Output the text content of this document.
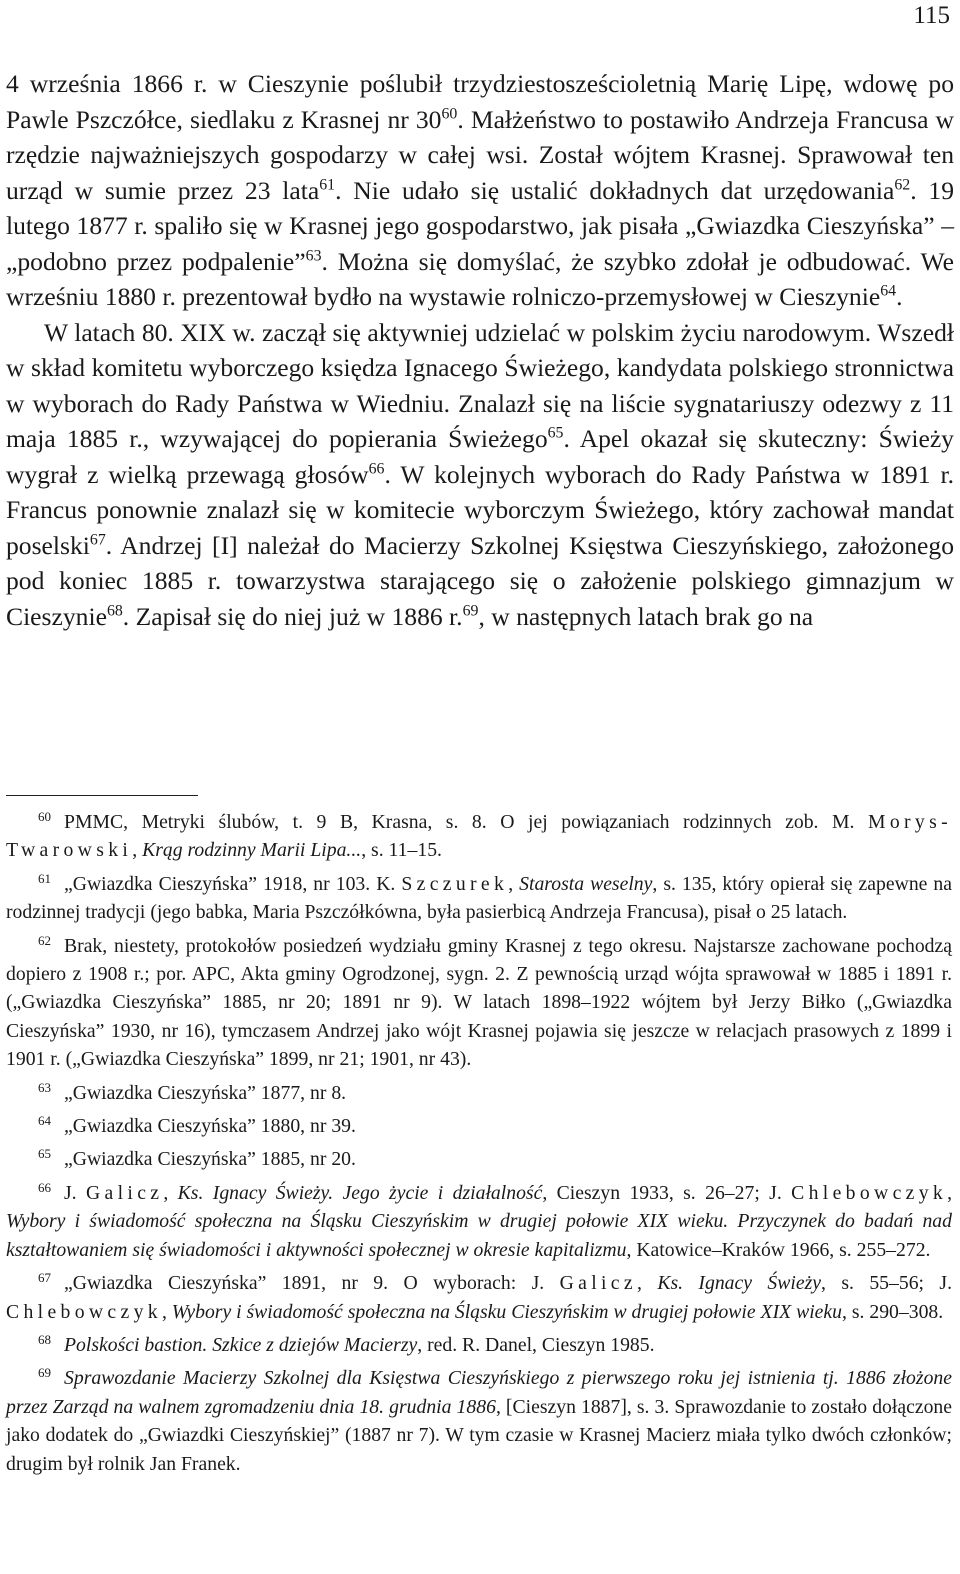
115

4 września 1866 r. w Cieszynie poślubił trzydziestosześcioletnią Marię Lipę, wdowę po Pawle Pszczółce, siedlaku z Krasnej nr $30^{60}$. Małżeństwo to postawiło Andrzeja Francusa w rzędzie najważniejszych gospodarzy w całej wsi. Został wójtem Krasnej. Sprawował ten urząd w sumie przez 23 lata$^{61}$. Nie udało się ustalić dokładnych dat urzędowania$^{62}$. 19 lutego 1877 r. spaliło się w Krasnej jego gospodarstwo, jak pisała „Gwiazdka Cieszyńska” – „podobno przez podpalenie”$^{63}$. Można się domyślać, że szybko zdołał je odbudować. We wrześniu 1880 r. prezentował bydło na wystawie rolniczo-przemysłowej w Cieszynie$^{64}$.

W latach 80. XIX w. zaczął się aktywniej udzielać w polskim życiu narodowym. Wszedł w skład komitetu wyborczego księdza Ignacego Świeżego, kandydata polskiego stronnictwa w wyborach do Rady Państwa w Wiedniu. Znalazł się na liście sygnatariuszy odezwy z 11 maja 1885 r., wzywającej do popierania Świeżego$^{65}$. Apel okazał się skuteczny: Świeży wygrał z wielką przewagą głosów$^{66}$. W kolejnych wyborach do Rady Państwa w 1891 r. Francus ponownie znalazł się w komitecie wyborczym Świeżego, który zachował mandat poselski$^{67}$. Andrzej [I] należał do Macierzy Szkolnej Księstwa Cieszyńskiego, założonego pod koniec 1885 r. towarzystwa starającego się o założenie polskiego gimnazjum w Cieszynie$^{68}$. Zapisał się do niej już w 1886 r.$^{69}$, w następnych latach brak go na

60 PMMC, Metryki ślubów, t. 9 B, Krasna, s. 8. O jej powiązaniach rodzinnych zob. M. Morys-Twarowski, Krąg rodzinny Marii Lipa..., s. 11–15.

61 „Gwiazdka Cieszyńska” 1918, nr 103. K. Szczurek, Starosta weselny, s. 135, który opierał się zapewne na rodzinnej tradycji (jego babka, Maria Pszczółkówna, była pasierbicą Andrzeja Francusa), pisał o 25 latach.

62 Brak, niestety, protokołów posiedzeń wydziału gminy Krasnej z tego okresu. Najstarsze zachowane pochodzą dopiero z 1908 r.; por. APC, Akta gminy Ogrodzonej, sygn. 2. Z pewnością urząd wójta sprawował w 1885 i 1891 r. („Gwiazdka Cieszyńska” 1885, nr 20; 1891 nr 9). W latach 1898–1922 wójtem był Jerzy Biłko („Gwiazdka Cieszyńska” 1930, nr 16), tymczasem Andrzej jako wójt Krasnej pojawia się jeszcze w relacjach prasowych z 1899 i 1901 r. („Gwiazdka Cieszyńska” 1899, nr 21; 1901, nr 43).

63 „Gwiazdka Cieszyńska” 1877, nr 8.

64 „Gwiazdka Cieszyńska” 1880, nr 39.

65 „Gwiazdka Cieszyńska” 1885, nr 20.

66 J. Galicz, Ks. Ignacy Świeży. Jego życie i działalność, Cieszyn 1933, s. 26–27; J. Chlebowczyk, Wybory i świadomość społeczna na Śląsku Cieszyńskim w drugiej połowie XIX wieku. Przyczynek do badań nad kształtowaniem się świadomości i aktywności społecznej w okresie kapitalizmu, Katowice–Kraków 1966, s. 255–272.

67 „Gwiazdka Cieszyńska” 1891, nr 9. O wyborach: J. Galicz, Ks. Ignacy Świeży, s. 55–56; J. Chlebowczyk, Wybory i świadomość społeczna na Śląsku Cieszyńskim w drugiej połowie XIX wieku, s. 290–308.

68 Polskości bastion. Szkice z dziejów Macierzy, red. R. Danel, Cieszyn 1985.

69 Sprawozdanie Macierzy Szkolnej dla Księstwa Cieszyńskiego z pierwszego roku jej istnienia tj. 1886 złożone przez Zarząd na walnem zgromadzeniu dnia 18. grudnia 1886, [Cieszyn 1887], s. 3. Sprawozdanie to zostało dołączone jako dodatek do „Gwiazdki Cieszyńskiej” (1887 nr 7). W tym czasie w Krasnej Macierz miała tylko dwóch członków; drugim był rolnik Jan Franek.
